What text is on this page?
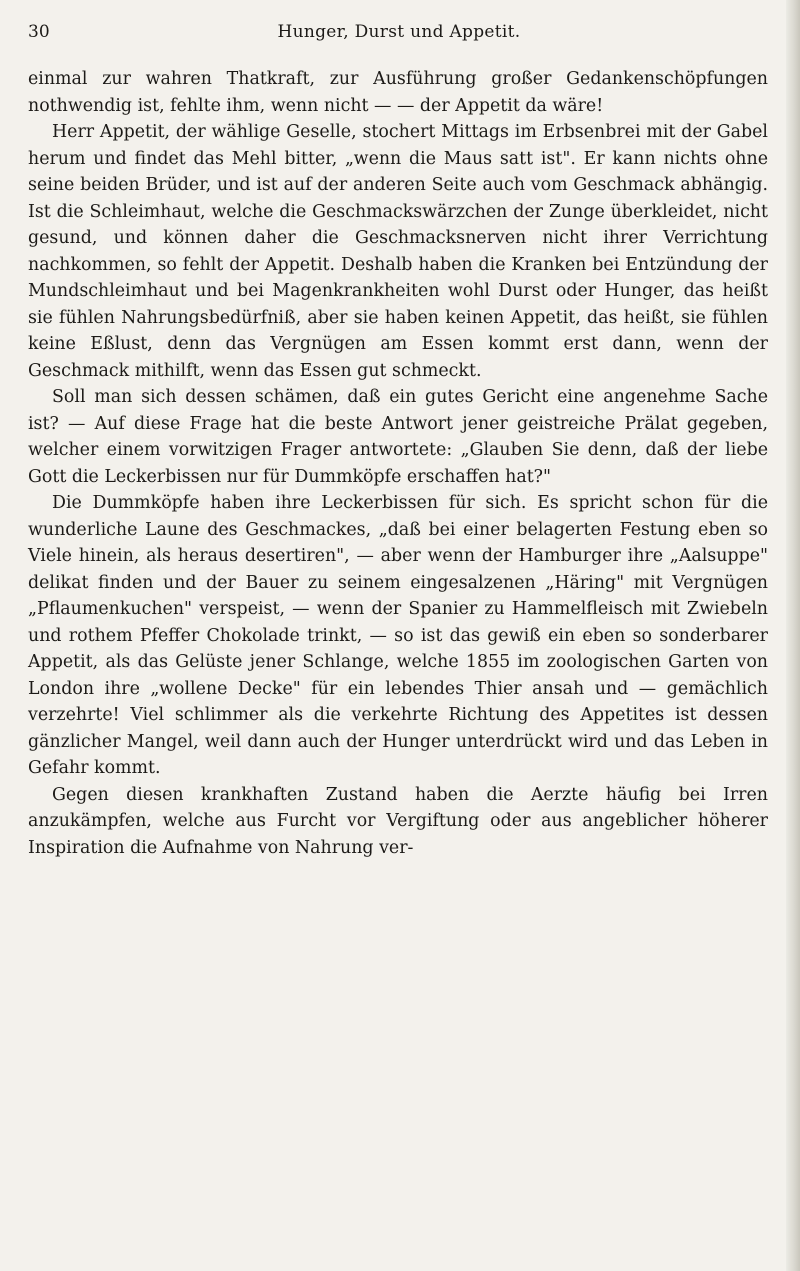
30	Hunger, Durst und Appetit.

einmal zur wahren Thatkraft, zur Ausführung großer Gedankenschöpfungen nothwendig ist, fehlte ihm, wenn nicht — — der Appetit da wäre!

Herr Appetit, der wählige Geselle, stochert Mittags im Erbsenbrei mit der Gabel herum und findet das Mehl bitter, „wenn die Maus satt ist". Er kann nichts ohne seine beiden Brüder, und ist auf der anderen Seite auch vom Geschmack abhängig. Ist die Schleimhaut, welche die Geschmackswärzchen der Zunge überkleidet, nicht gesund, und können daher die Geschmacksnerven nicht ihrer Verrichtung nachkommen, so fehlt der Appetit. Deshalb haben die Kranken bei Entzündung der Mundschleimhaut und bei Magenkrankheiten wohl Durst oder Hunger, das heißt sie fühlen Nahrungsbedürfniß, aber sie haben keinen Appetit, das heißt, sie fühlen keine Eßlust, denn das Vergnügen am Essen kommt erst dann, wenn der Geschmack mithilft, wenn das Essen gut schmeckt.

Soll man sich dessen schämen, daß ein gutes Gericht eine angenehme Sache ist? — Auf diese Frage hat die beste Antwort jener geistreiche Prälat gegeben, welcher einem vorwitzigen Frager antwortete: „Glauben Sie denn, daß der liebe Gott die Leckerbissen nur für Dummköpfe erschaffen hat?"

Die Dummköpfe haben ihre Leckerbissen für sich. Es spricht schon für die wunderliche Laune des Geschmackes, „daß bei einer belagerten Festung eben so Viele hinein, als heraus desertiren", — aber wenn der Hamburger ihre „Aalsuppe" delikat finden und der Bauer zu seinem eingesalzenen „Häring" mit Vergnügen „Pflaumenkuchen" verspeist, — wenn der Spanier zu Hammelfleisch mit Zwiebeln und rothem Pfeffer Chokolade trinkt, — so ist das gewiß ein eben so sonderbarer Appetit, als das Gelüste jener Schlange, welche 1855 im zoologischen Garten von London ihre „wollene Decke" für ein lebendes Thier ansah und — gemächlich verzehrte! Viel schlimmer als die verkehrte Richtung des Appetites ist dessen gänzlicher Mangel, weil dann auch der Hunger unterdrückt wird und das Leben in Gefahr kommt.

Gegen diesen krankhaften Zustand haben die Aerzte häufig bei Irren anzukämpfen, welche aus Furcht vor Vergiftung oder aus angeblicher höherer Inspiration die Aufnahme von Nahrung ver-
